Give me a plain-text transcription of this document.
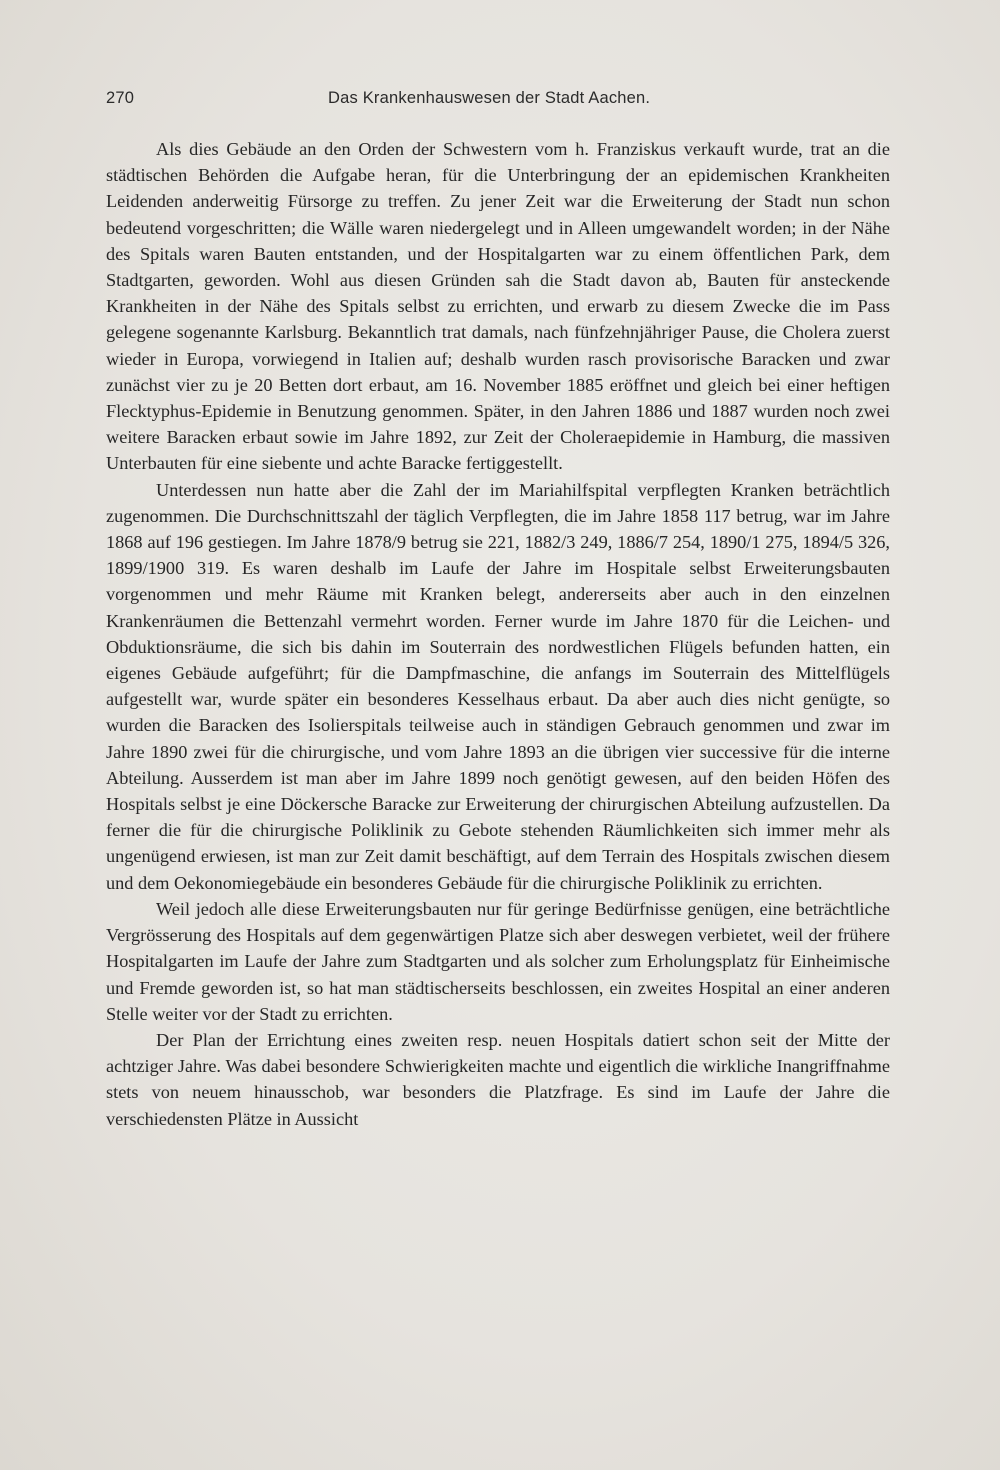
270	Das Krankenhauswesen der Stadt Aachen.

Als dies Gebäude an den Orden der Schwestern vom h. Franziskus verkauft wurde, trat an die städtischen Behörden die Aufgabe heran, für die Unterbringung der an epidemischen Krankheiten Leidenden anderweitig Fürsorge zu treffen. Zu jener Zeit war die Erweiterung der Stadt nun schon bedeutend vorgeschritten; die Wälle waren niedergelegt und in Alleen umgewandelt worden; in der Nähe des Spitals waren Bauten entstanden, und der Hospitalgarten war zu einem öffentlichen Park, dem Stadtgarten, geworden. Wohl aus diesen Gründen sah die Stadt davon ab, Bauten für ansteckende Krankheiten in der Nähe des Spitals selbst zu errichten, und erwarb zu diesem Zwecke die im Pass gelegene sogenannte Karlsburg. Bekanntlich trat damals, nach fünfzehnjähriger Pause, die Cholera zuerst wieder in Europa, vorwiegend in Italien auf; deshalb wurden rasch provisorische Baracken und zwar zunächst vier zu je 20 Betten dort erbaut, am 16. November 1885 eröffnet und gleich bei einer heftigen Flecktyphus-Epidemie in Benutzung genommen. Später, in den Jahren 1886 und 1887 wurden noch zwei weitere Baracken erbaut sowie im Jahre 1892, zur Zeit der Choleraepidemie in Hamburg, die massiven Unterbauten für eine siebente und achte Baracke fertiggestellt.

Unterdessen nun hatte aber die Zahl der im Mariahilfspital verpflegten Kranken beträchtlich zugenommen. Die Durchschnittszahl der täglich Verpflegten, die im Jahre 1858 117 betrug, war im Jahre 1868 auf 196 gestiegen. Im Jahre 1878/9 betrug sie 221, 1882/3 249, 1886/7 254, 1890/1 275, 1894/5 326, 1899/1900 319. Es waren deshalb im Laufe der Jahre im Hospitale selbst Erweiterungsbauten vorgenommen und mehr Räume mit Kranken belegt, andererseits aber auch in den einzelnen Krankenräumen die Bettenzahl vermehrt worden. Ferner wurde im Jahre 1870 für die Leichen- und Obduktionsräume, die sich bis dahin im Souterrain des nordwestlichen Flügels befunden hatten, ein eigenes Gebäude aufgeführt; für die Dampfmaschine, die anfangs im Souterrain des Mittelflügels aufgestellt war, wurde später ein besonderes Kesselhaus erbaut. Da aber auch dies nicht genügte, so wurden die Baracken des Isolierspitals teilweise auch in ständigen Gebrauch genommen und zwar im Jahre 1890 zwei für die chirurgische, und vom Jahre 1893 an die übrigen vier successive für die interne Abteilung. Ausserdem ist man aber im Jahre 1899 noch genötigt gewesen, auf den beiden Höfen des Hospitals selbst je eine Döckersche Baracke zur Erweiterung der chirurgischen Abteilung aufzustellen. Da ferner die für die chirurgische Poliklinik zu Gebote stehenden Räumlichkeiten sich immer mehr als ungenügend erwiesen, ist man zur Zeit damit beschäftigt, auf dem Terrain des Hospitals zwischen diesem und dem Oekonomiegebäude ein besonderes Gebäude für die chirurgische Poliklinik zu errichten.

Weil jedoch alle diese Erweiterungsbauten nur für geringe Bedürfnisse genügen, eine beträchtliche Vergrösserung des Hospitals auf dem gegenwärtigen Platze sich aber deswegen verbietet, weil der frühere Hospitalgarten im Laufe der Jahre zum Stadtgarten und als solcher zum Erholungsplatz für Einheimische und Fremde geworden ist, so hat man städtischerseits beschlossen, ein zweites Hospital an einer anderen Stelle weiter vor der Stadt zu errichten.

Der Plan der Errichtung eines zweiten resp. neuen Hospitals datiert schon seit der Mitte der achtziger Jahre. Was dabei besondere Schwierigkeiten machte und eigentlich die wirkliche Inangriffnahme stets von neuem hinausschob, war besonders die Platzfrage. Es sind im Laufe der Jahre die verschiedensten Plätze in Aussicht
